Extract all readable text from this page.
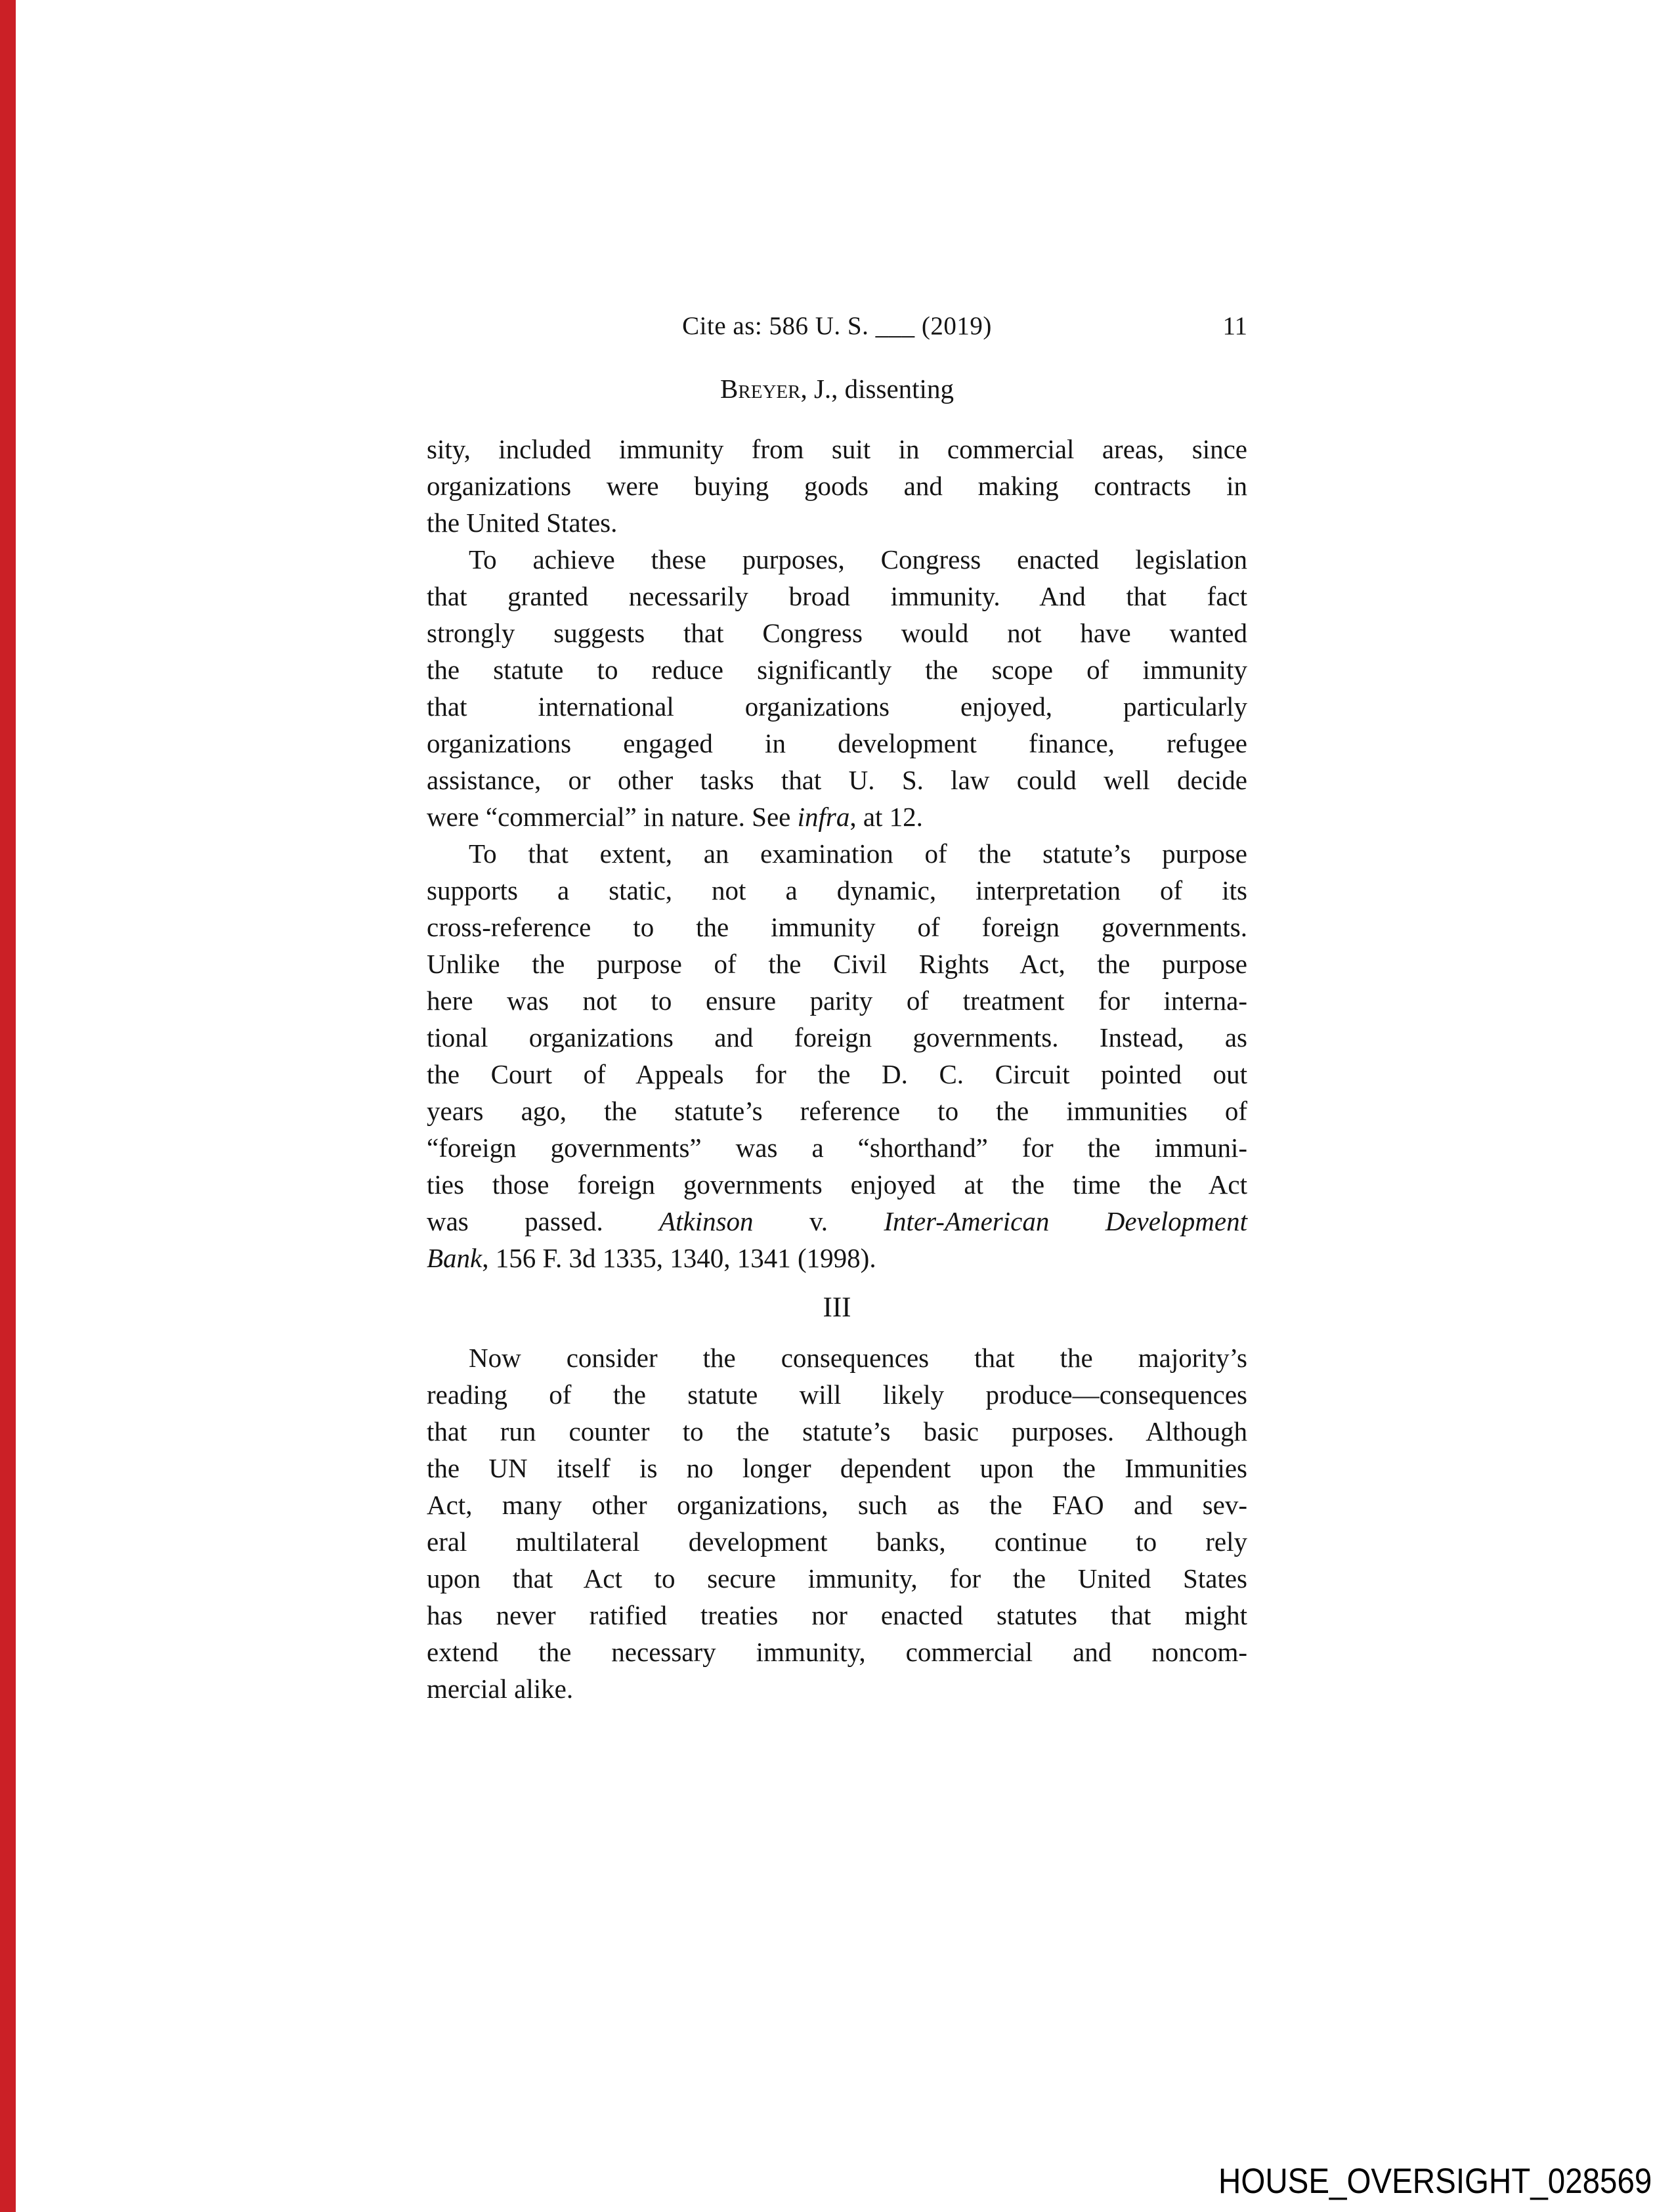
Cite as: 586 U. S. ___ (2019)	11
Breyer, J., dissenting
sity, included immunity from suit in commercial areas, since
organizations were buying goods and making contracts in
the United States.
To achieve these purposes, Congress enacted legislation
that granted necessarily broad immunity. And that fact
strongly suggests that Congress would not have wanted
the statute to reduce significantly the scope of immunity
that international organizations enjoyed, particularly
organizations engaged in development finance, refugee
assistance, or other tasks that U. S. law could well decide
were “commercial” in nature. See infra, at 12.
To that extent, an examination of the statute’s purpose
supports a static, not a dynamic, interpretation of its
cross-reference to the immunity of foreign governments.
Unlike the purpose of the Civil Rights Act, the purpose
here was not to ensure parity of treatment for interna-
tional organizations and foreign governments. Instead, as
the Court of Appeals for the D. C. Circuit pointed out
years ago, the statute’s reference to the immunities of
“foreign governments” was a “shorthand” for the immuni-
ties those foreign governments enjoyed at the time the Act
was passed. Atkinson v. Inter-American Development
Bank, 156 F. 3d 1335, 1340, 1341 (1998).
III
Now consider the consequences that the majority’s
reading of the statute will likely produce—consequences
that run counter to the statute’s basic purposes. Although
the UN itself is no longer dependent upon the Immunities
Act, many other organizations, such as the FAO and sev-
eral multilateral development banks, continue to rely
upon that Act to secure immunity, for the United States
has never ratified treaties nor enacted statutes that might
extend the necessary immunity, commercial and noncom-
mercial alike.
HOUSE_OVERSIGHT_028569
